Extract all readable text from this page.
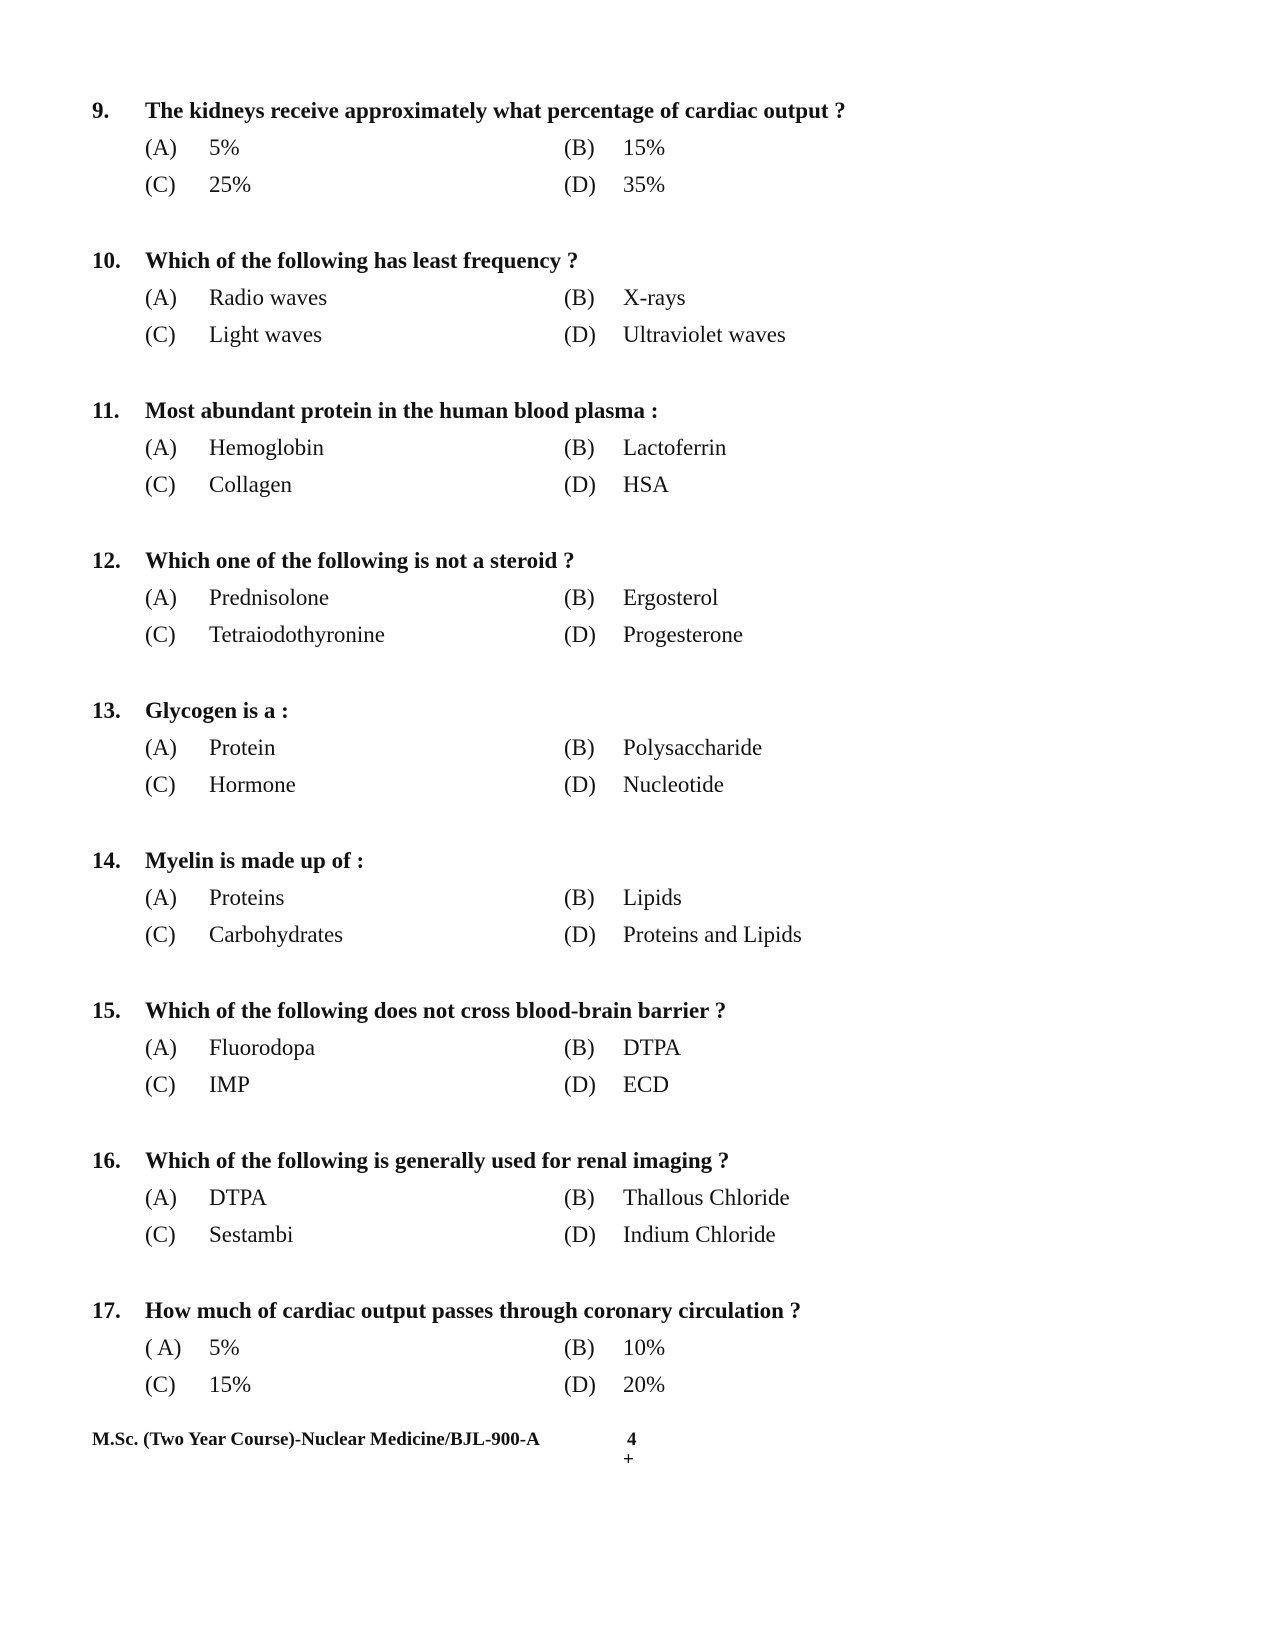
9. The kidneys receive approximately what percentage of cardiac output ?
(A) 5%	(B) 15%
(C) 25%	(D) 35%
10. Which of the following has least frequency ?
(A) Radio waves	(B) X-rays
(C) Light waves	(D) Ultraviolet waves
11. Most abundant protein in the human blood plasma :
(A) Hemoglobin	(B) Lactoferrin
(C) Collagen	(D) HSA
12. Which one of the following is not a steroid ?
(A) Prednisolone	(B) Ergosterol
(C) Tetraiodothyronine	(D) Progesterone
13. Glycogen is a :
(A) Protein	(B) Polysaccharide
(C) Hormone	(D) Nucleotide
14. Myelin is made up of :
(A) Proteins	(B) Lipids
(C) Carbohydrates	(D) Proteins and Lipids
15. Which of the following does not cross blood-brain barrier ?
(A) Fluorodopa	(B) DTPA
(C) IMP	(D) ECD
16. Which of the following is generally used for renal imaging ?
(A) DTPA	(B) Thallous Chloride
(C) Sestambi	(D) Indium Chloride
17. How much of cardiac output passes through coronary circulation ?
( A) 5%	(B) 10%
(C) 15%	(D) 20%
M.Sc. (Two Year Course)-Nuclear Medicine/BJL-900-A	4
+
